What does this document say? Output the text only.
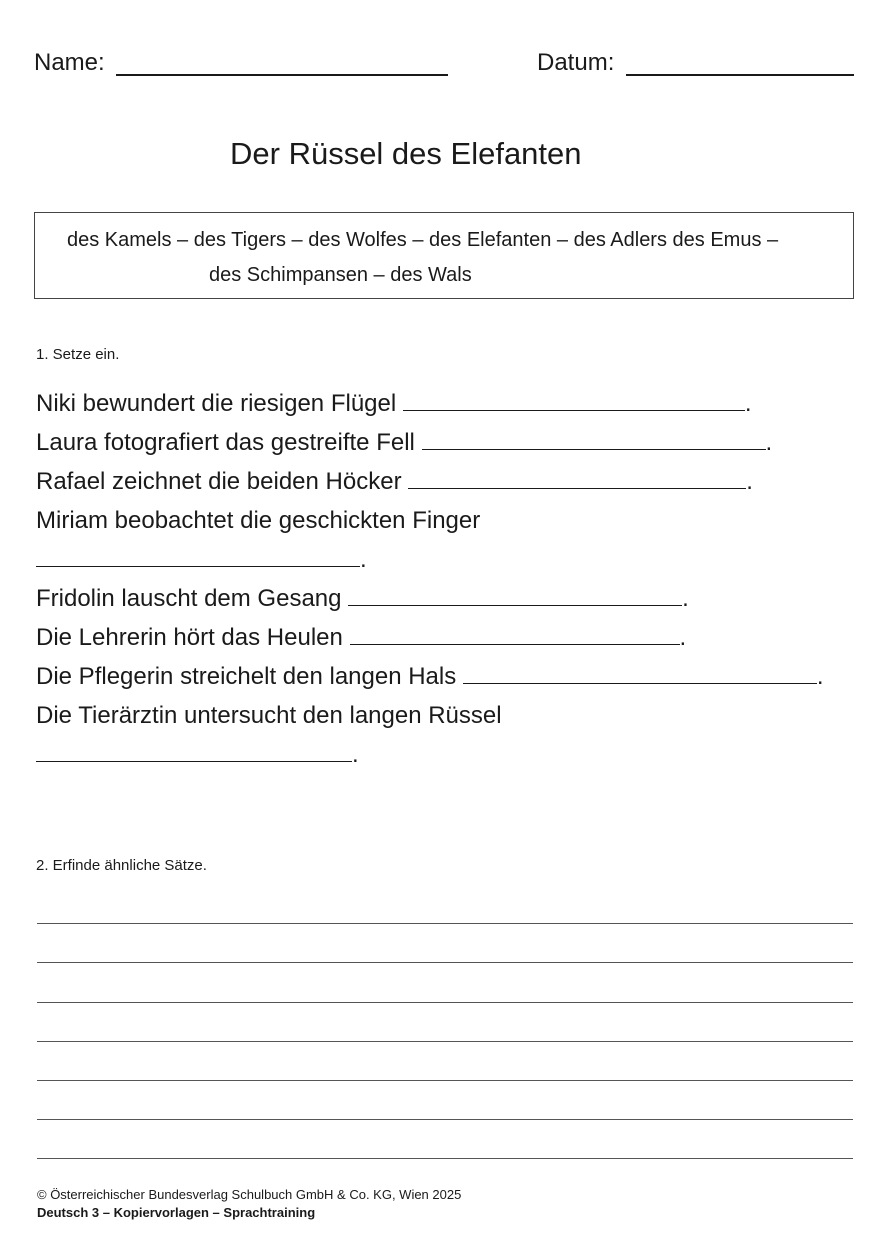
Name:	Datum:
Der Rüssel des Elefanten
des Kamels – des Tigers – des Wolfes – des Elefanten – des Adlers des Emus –
des Schimpansen – des Wals
1. Setze ein.
Niki bewundert die riesigen Flügel	.
Laura fotografiert das gestreifte Fell	.
Rafael zeichnet die beiden Höcker	.
Miriam beobachtet die geschickten Finger
.
Fridolin lauscht dem Gesang	.
Die Lehrerin hört das Heulen	.
Die Pflegerin streichelt den langen Hals	.
Die Tierärztin untersucht den langen Rüssel
.
2. Erfinde ähnliche Sätze.
© Österreichischer Bundesverlag Schulbuch GmbH & Co. KG, Wien 2025
Deutsch 3 – Kopiervorlagen – Sprachtraining
